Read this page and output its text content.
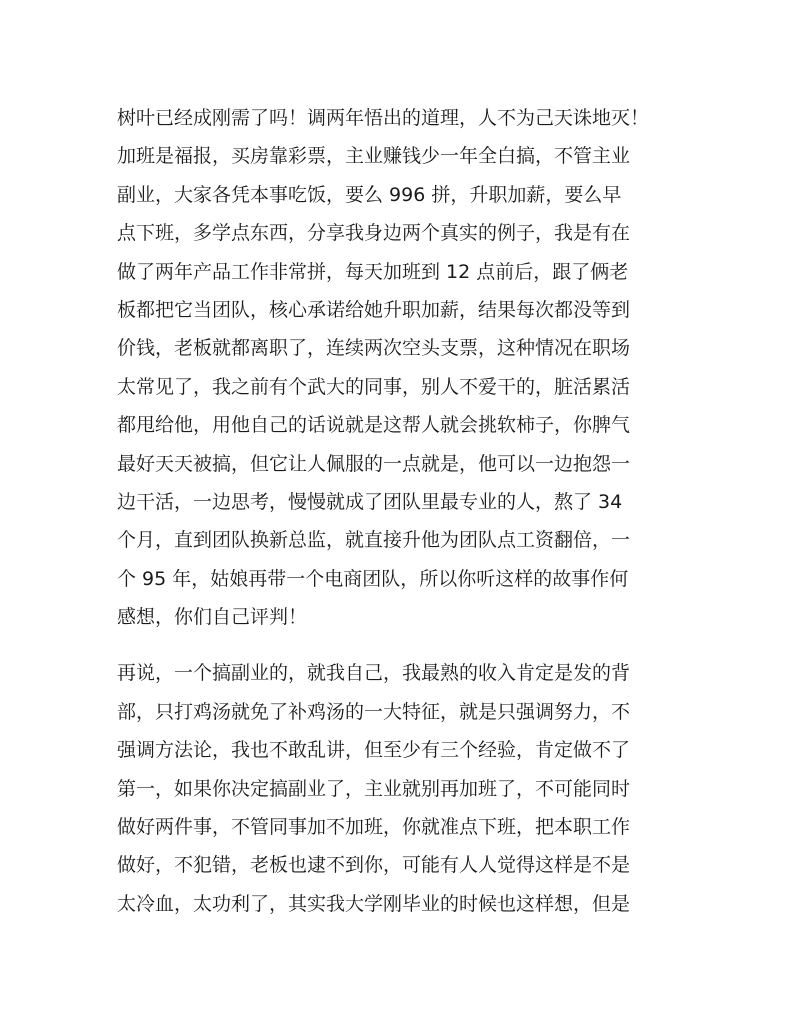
树叶已经成刚需了吗！调两年悟出的道理，人不为己天诛地灭！
加班是福报，买房靠彩票，主业赚钱少一年全白搞，不管主业
副业，大家各凭本事吃饭，要么 996 拼，升职加薪，要么早
点下班，多学点东西，分享我身边两个真实的例子，我是有在
做了两年产品工作非常拼，每天加班到 12 点前后，跟了俩老
板都把它当团队，核心承诺给她升职加薪，结果每次都没等到
价钱，老板就都离职了，连续两次空头支票，这种情况在职场
太常见了，我之前有个武大的同事，别人不爱干的，脏活累活
都甩给他，用他自己的话说就是这帮人就会挑软柿子，你脾气
最好天天被搞，但它让人佩服的一点就是，他可以一边抱怨一
边干活，一边思考，慢慢就成了团队里最专业的人，熬了 34
个月，直到团队换新总监，就直接升他为团队点工资翻倍，一
个 95 年，姑娘再带一个电商团队，所以你听这样的故事作何
感想，你们自己评判！
再说，一个搞副业的，就我自己，我最熟的收入肯定是发的背
部，只打鸡汤就免了补鸡汤的一大特征，就是只强调努力，不
强调方法论，我也不敢乱讲，但至少有三个经验，肯定做不了
第一，如果你决定搞副业了，主业就别再加班了，不可能同时
做好两件事，不管同事加不加班，你就准点下班，把本职工作
做好，不犯错，老板也逮不到你，可能有人人觉得这样是不是
太冷血，太功利了，其实我大学刚毕业的时候也这样想，但是
